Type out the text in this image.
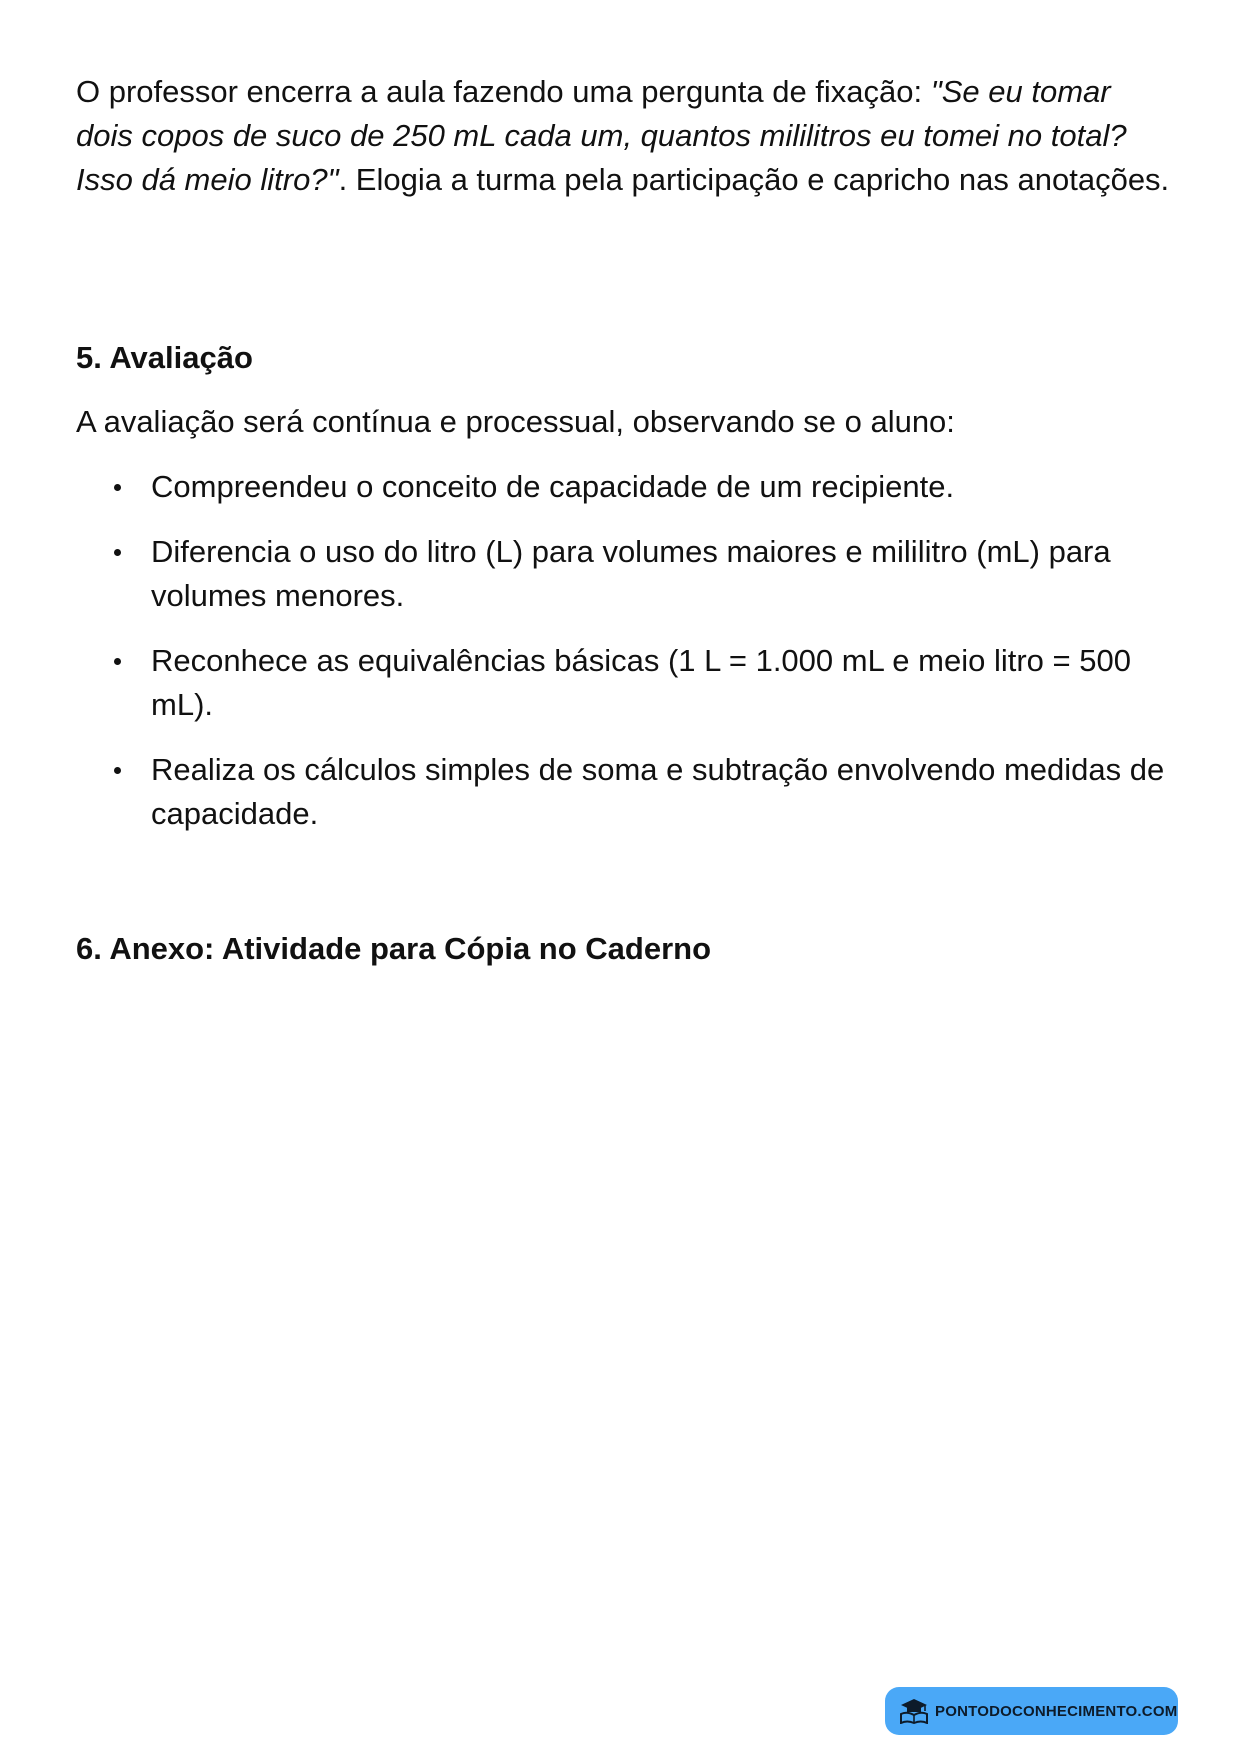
O professor encerra a aula fazendo uma pergunta de fixação: "Se eu tomar dois copos de suco de 250 mL cada um, quantos mililitros eu tomei no total? Isso dá meio litro?". Elogia a turma pela participação e capricho nas anotações.

5. Avaliação

A avaliação será contínua e processual, observando se o aluno:

Compreendeu o conceito de capacidade de um recipiente.
Diferencia o uso do litro (L) para volumes maiores e mililitro (mL) para volumes menores.
Reconhece as equivalências básicas (1 L = 1.000 mL e meio litro = 500 mL).
Realiza os cálculos simples de soma e subtração envolvendo medidas de capacidade.
6. Anexo: Atividade para Cópia no Caderno
PONTODOCONHECIMENTO.COM
